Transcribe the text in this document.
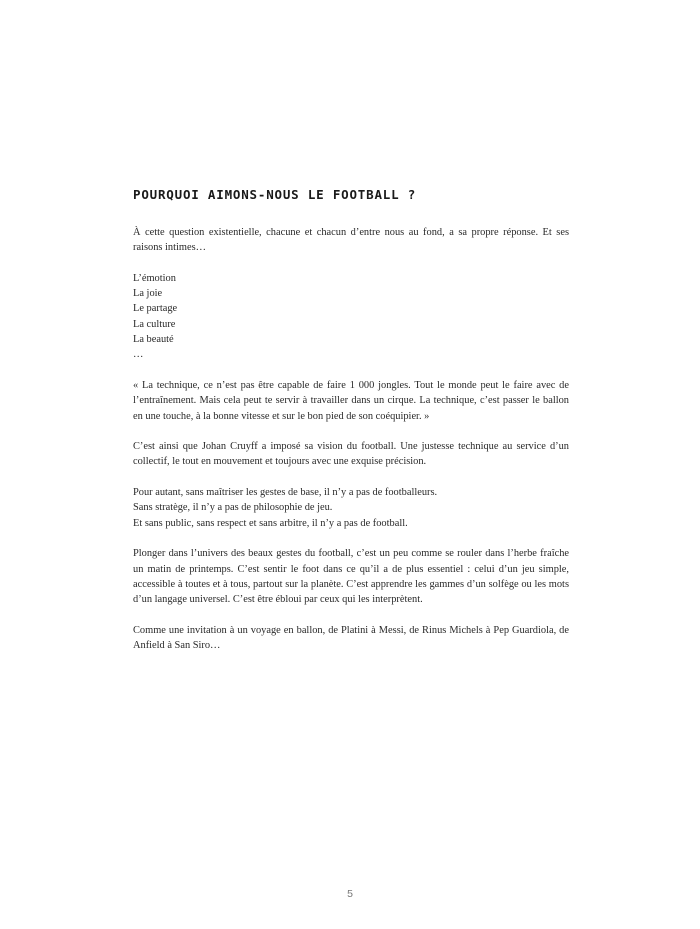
POURQUOI AIMONS-NOUS LE FOOTBALL ?

À cette question existentielle, chacune et chacun d’entre nous au fond, a sa propre réponse. Et ses raisons intimes…

L’émotion
La joie
Le partage
La culture
La beauté
…

« La technique, ce n’est pas être capable de faire 1 000 jongles. Tout le monde peut le faire avec de l’entraînement. Mais cela peut te servir à travailler dans un cirque. La technique, c’est passer le ballon en une touche, à la bonne vitesse et sur le bon pied de son coéquipier. »

C’est ainsi que Johan Cruyff a imposé sa vision du football. Une justesse technique au service d’un collectif, le tout en mouvement et toujours avec une exquise précision.

Pour autant, sans maîtriser les gestes de base, il n’y a pas de footballeurs.
Sans stratège, il n’y a pas de philosophie de jeu.
Et sans public, sans respect et sans arbitre, il n’y a pas de football.

Plonger dans l’univers des beaux gestes du football, c’est un peu comme se rouler dans l’herbe fraîche un matin de printemps. C’est sentir le foot dans ce qu’il a de plus essentiel : celui d’un jeu simple, accessible à toutes et à tous, partout sur la planète. C’est apprendre les gammes d’un solfège ou les mots d’un langage universel. C’est être ébloui par ceux qui les interprètent.

Comme une invitation à un voyage en ballon, de Platini à Messi, de Rinus Michels à Pep Guardiola, de Anfield à San Siro…

5
